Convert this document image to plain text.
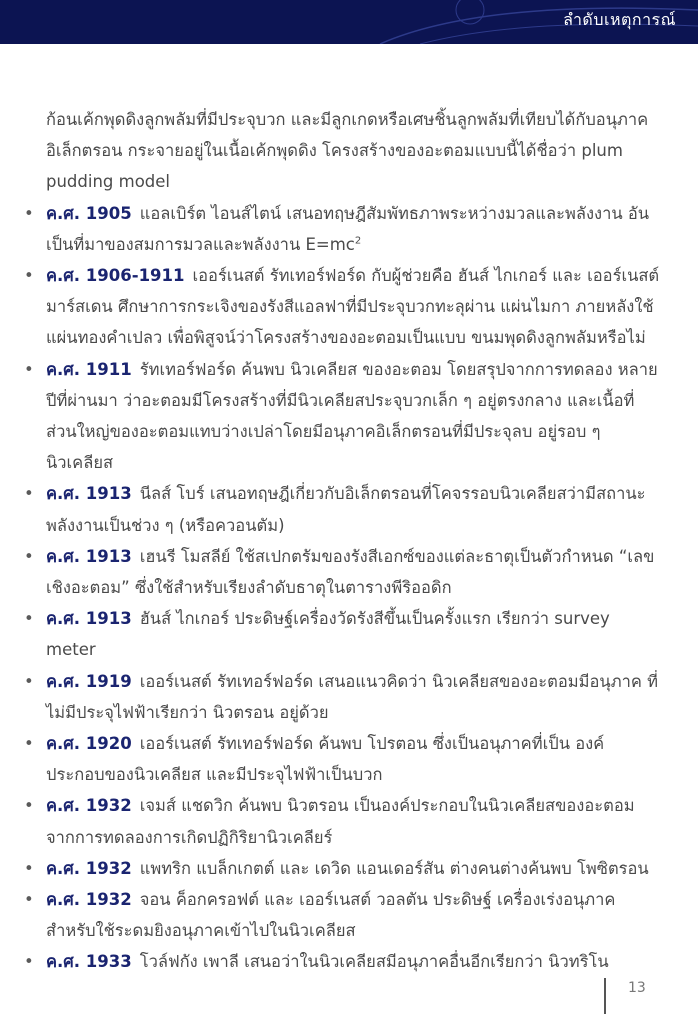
ลำดับเหตุการณ์

ก้อนเค้กพุดดิงลูกพลัมที่มีประจุบวก และมีลูกเกดหรือเศษชิ้นลูกพลัมที่เทียบได้กับอนุภาค อิเล็กตรอน กระจายอยู่ในเนื้อเค้กพุดดิง โครงสร้างของอะตอมแบบนี้ได้ชื่อว่า plum pudding model

• ค.ศ. 1905 แอลเบิร์ต ไอนส์ไตน์ เสนอทฤษฎีสัมพัทธภาพระหว่างมวลและพลังงาน อันเป็นที่มาของสมการมวลและพลังงาน $E=mc^2$
• ค.ศ. 1906-1911 เออร์เนสต์ รัทเทอร์ฟอร์ด กับผู้ช่วยคือ ฮันส์ ไกเกอร์ และ เออร์เนสต์ มาร์สเดน ศึกษาการกระเจิงของรังสีแอลฟาที่มีประจุบวกทะลุผ่าน แผ่นไมกา ภายหลังใช้แผ่นทองคำเปลว เพื่อพิสูจน์ว่าโครงสร้างของอะตอมเป็นแบบ ขนมพุดดิงลูกพลัมหรือไม่
• ค.ศ. 1911 รัทเทอร์ฟอร์ด ค้นพบ นิวเคลียส ของอะตอม โดยสรุปจากการทดลอง หลายปีที่ผ่านมา ว่าอะตอมมีโครงสร้างที่มีนิวเคลียสประจุบวกเล็ก ๆ อยู่ตรงกลาง และเนื้อที่ส่วนใหญ่ของอะตอมแทบว่างเปล่าโดยมีอนุภาคอิเล็กตรอนที่มีประจุลบ อยู่รอบ ๆ นิวเคลียส
• ค.ศ. 1913 นีลส์ โบร์ เสนอทฤษฎีเกี่ยวกับอิเล็กตรอนที่โคจรรอบนิวเคลียสว่ามีสถานะ พลังงานเป็นช่วง ๆ (หรือควอนตัม)
• ค.ศ. 1913 เฮนรี โมสลีย์ ใช้สเปกตรัมของรังสีเอกซ์ของแต่ละธาตุเป็นตัวกำหนด “เลขเชิงอะตอม” ซึ่งใช้สำหรับเรียงลำดับธาตุในตารางพีริออดิก
• ค.ศ. 1913 ฮันส์ ไกเกอร์ ประดิษฐ์เครื่องวัดรังสีขึ้นเป็นครั้งแรก เรียกว่า survey meter
• ค.ศ. 1919 เออร์เนสต์ รัทเทอร์ฟอร์ด เสนอแนวคิดว่า นิวเคลียสของอะตอมมีอนุภาค ที่ไม่มีประจุไฟฟ้าเรียกว่า นิวตรอน อยู่ด้วย
• ค.ศ. 1920 เออร์เนสต์ รัทเทอร์ฟอร์ด ค้นพบ โปรตอน ซึ่งเป็นอนุภาคที่เป็น องค์ประกอบของนิวเคลียส และมีประจุไฟฟ้าเป็นบวก
• ค.ศ. 1932 เจมส์ แชดวิก ค้นพบ นิวตรอน เป็นองค์ประกอบในนิวเคลียสของอะตอม จากการทดลองการเกิดปฏิกิริยานิวเคลียร์
• ค.ศ. 1932 แพทริก แบล็กเกตต์ และ เดวิด แอนเดอร์สัน ต่างคนต่างค้นพบ โพซิตรอน
• ค.ศ. 1932 จอน ค็อกครอฟต์ และ เออร์เนสต์ วอลตัน ประดิษฐ์ เครื่องเร่งอนุภาค สำหรับใช้ระดมยิงอนุภาคเข้าไปในนิวเคลียส
• ค.ศ. 1933 โวล์ฟกัง เพาลี เสนอว่าในนิวเคลียสมีอนุภาคอื่นอีกเรียกว่า นิวทริโน
13
